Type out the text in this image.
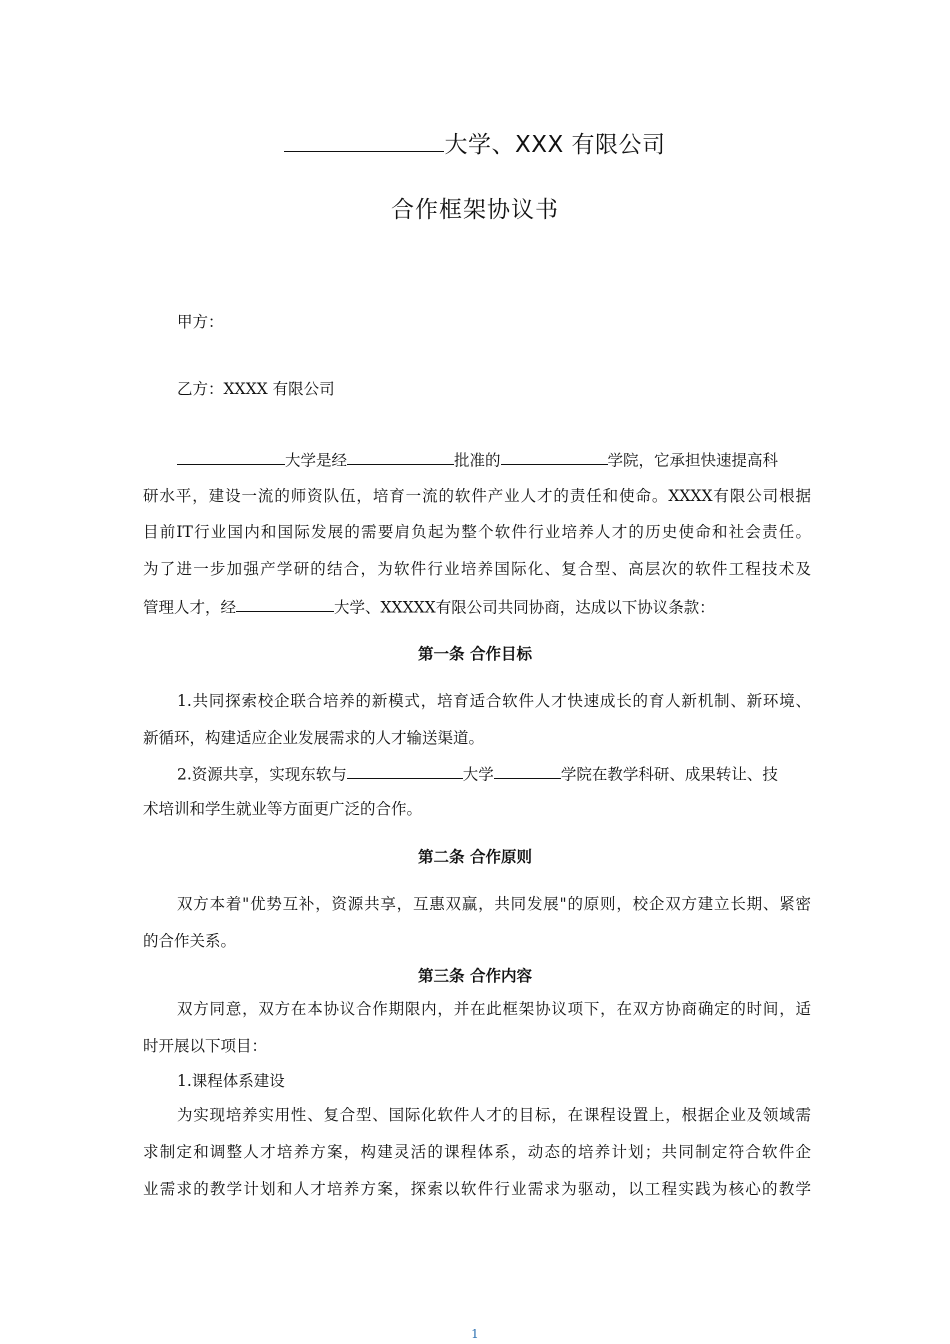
大学、XXX 有限公司
合作框架协议书
甲方：
乙方：XXXX 有限公司
大学是经	批准的	学院，它承担快速提高科
研水平，建设一流的师资队伍，培育一流的软件产业人才的责任和使命。XXXX有限公司根据
目前IT行业国内和国际发展的需要肩负起为整个软件行业培养人才的历史使命和社会责任。
为了进一步加强产学研的结合，为软件行业培养国际化、复合型、高层次的软件工程技术及
管理人才，经	大学、XXXXX有限公司共同协商，达成以下协议条款：
第一条 合作目标
1.共同探索校企联合培养的新模式，培育适合软件人才快速成长的育人新机制、新环境、
新循环，构建适应企业发展需求的人才输送渠道。
2.资源共享，实现东软与	大学	学院在教学科研、成果转让、技
术培训和学生就业等方面更广泛的合作。
第二条 合作原则
双方本着"优势互补，资源共享，互惠双赢，共同发展"的原则，校企双方建立长期、紧密
的合作关系。
第三条 合作内容
双方同意，双方在本协议合作期限内，并在此框架协议项下，在双方协商确定的时间，适
时开展以下项目：
1.课程体系建设
为实现培养实用性、复合型、国际化软件人才的目标，在课程设置上，根据企业及领域需
求制定和调整人才培养方案，构建灵活的课程体系，动态的培养计划；共同制定符合软件企
业需求的教学计划和人才培养方案，探索以软件行业需求为驱动，以工程实践为核心的教学
1
